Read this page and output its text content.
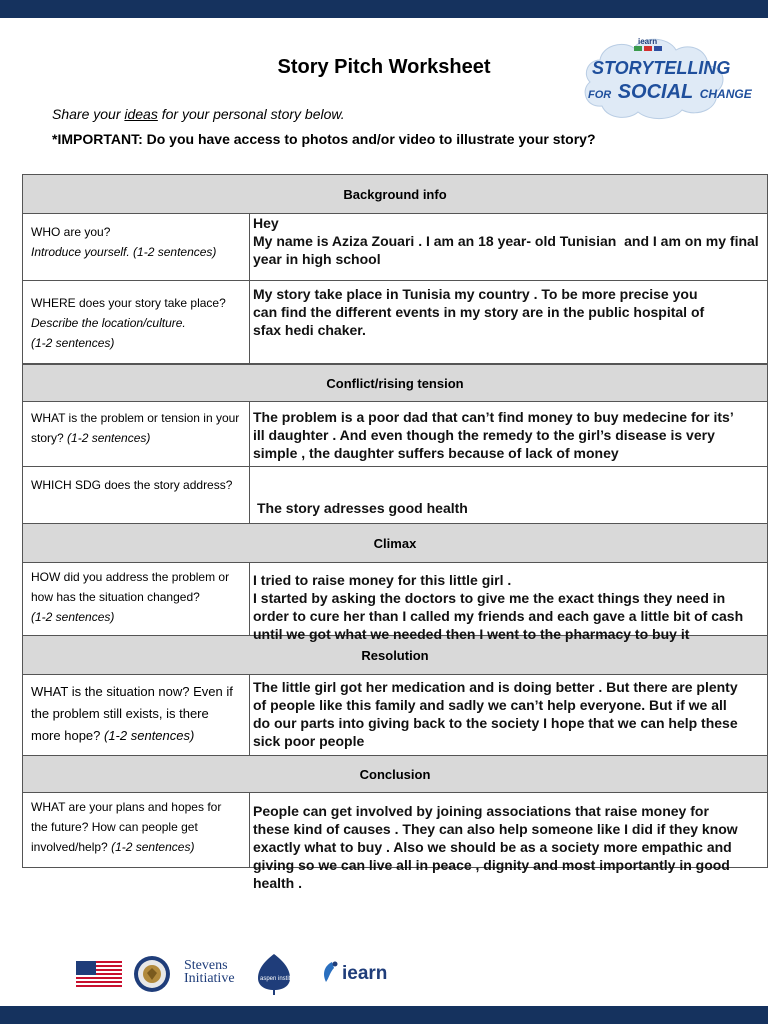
Story Pitch Worksheet
Share your ideas for your personal story below.
*IMPORTANT: Do you have access to photos and/or video to illustrate your story?
iearn
STORYTELLING
FOR SOCIAL CHANGE
Background info
WHO are you?
Introduce yourself. (1-2 sentences)
WHERE does your story take place?
Describe the location/culture.
(1-2 sentences)
Conflict/rising tension
WHAT is the problem or tension in your story? (1-2 sentences)
WHICH SDG does the story address?
Climax
HOW did you address the problem or how has the situation changed?
(1-2 sentences)
Resolution
WHAT is the situation now? Even if the problem still exists, is there more hope? (1-2 sentences)
Conclusion
WHAT are your plans and hopes for the future? How can people get involved/help? (1-2 sentences)
Hey
My name is Aziza Zouari . I am an 18 year- old Tunisian  and I am on my final year in high school
My story take place in Tunisia my country . To be more precise you can find the different events in my story are in the public hospital of sfax hedi chaker.
The problem is a poor dad that can’t find money to buy medecine for its’ ill daughter . And even though the remedy to the girl’s disease is very simple , the daughter suffers because of lack of money
The story adresses good health
I tried to raise money for this little girl .
I started by asking the doctors to give me the exact things they need in order to cure her than I called my friends and each gave a little bit of cash until we got what we needed then I went to the pharmacy to buy it
The little girl got her medication and is doing better . But there are plenty of people like this family and sadly we can’t help everyone. But if we all do our parts into giving back to the society I hope that we can help these sick poor people
People can get involved by joining associations that raise money for these kind of causes . They can also help someone like I did if they know exactly what to buy . Also we should be as a society more empathic and giving so we can live all in peace , dignity and most importantly in good health .
Stevens
Initiative	aspen institute iearn
